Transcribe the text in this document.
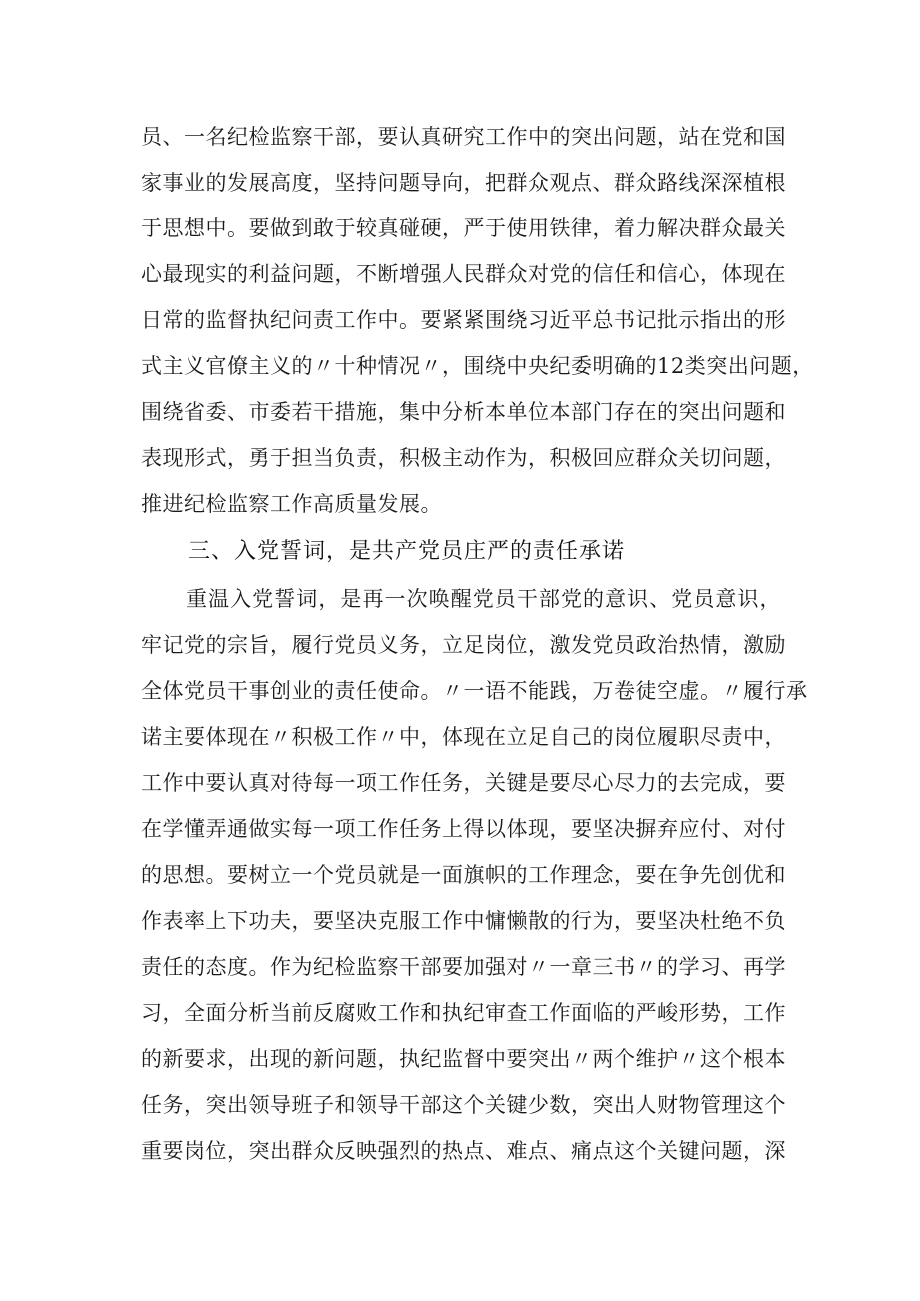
员、一名纪检监察干部，要认真研究工作中的突出问题，站在党和国
家事业的发展高度，坚持问题导向，把群众观点、群众路线深深植根
于思想中。要做到敢于较真碰硬，严于使用铁律，着力解决群众最关
心最现实的利益问题，不断增强人民群众对党的信任和信心，体现在
日常的监督执纪问责工作中。要紧紧围绕习近平总书记批示指出的形
式主义官僚主义的〃十种情况〃，围绕中央纪委明确的12类突出问题，
围绕省委、市委若干措施，集中分析本单位本部门存在的突出问题和
表现形式，勇于担当负责，积极主动作为，积极回应群众关切问题，
推进纪检监察工作高质量发展。
三、入党誓词，是共产党员庄严的责任承诺
重温入党誓词，是再一次唤醒党员干部党的意识、党员意识，
牢记党的宗旨，履行党员义务，立足岗位，激发党员政治热情，激励
全体党员干事创业的责任使命。〃一语不能践，万卷徒空虚。〃履行承
诺主要体现在〃积极工作〃中，体现在立足自己的岗位履职尽责中，
工作中要认真对待每一项工作任务，关键是要尽心尽力的去完成，要
在学懂弄通做实每一项工作任务上得以体现，要坚决摒弃应付、对付
的思想。要树立一个党员就是一面旗帜的工作理念，要在争先创优和
作表率上下功夫，要坚决克服工作中慵懒散的行为，要坚决杜绝不负
责任的态度。作为纪检监察干部要加强对〃一章三书〃的学习、再学
习，全面分析当前反腐败工作和执纪审查工作面临的严峻形势，工作
的新要求，出现的新问题，执纪监督中要突出〃两个维护〃这个根本
任务，突出领导班子和领导干部这个关键少数，突出人财物管理这个
重要岗位，突出群众反映强烈的热点、难点、痛点这个关键问题，深
